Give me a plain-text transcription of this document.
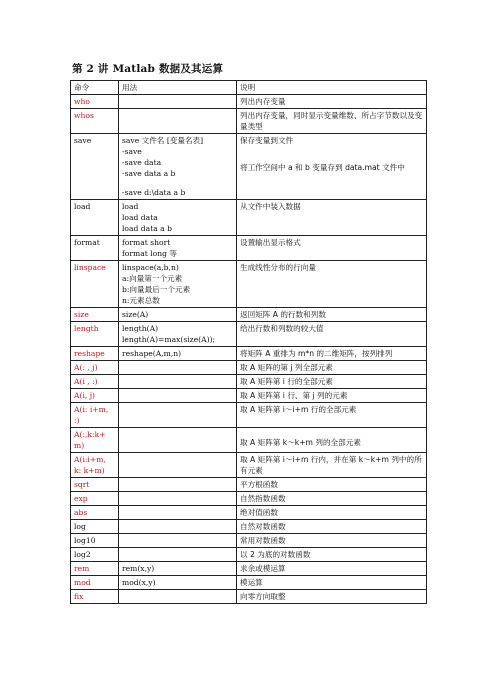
第 2 讲 Matlab 数据及其运算
命令	用法	说明
who		列出内存变量

whos		列出内存变量，同时显示变量维数、所占字节数以及变量类型

save	save 文件名 [变量名表]
-save
-save data
-save data a b
-save d:\data a b	保存变量到文件
将工作空间中 a 和 b 变量存到 data.mat 文件中

load	load
load data
load data a b	从文件中装入数据

format	format short
format long 等	设置输出显示格式

linspace	linspace(a,b,n)
a:向量第一个元素
b:向量最后一个元素
n:元素总数	生成线性分布的行向量

size	size(A)	返回矩阵 A 的行数和列数

length	length(A)
length(A)=max(size(A));	给出行数和列数的较大值

reshape	reshape(A,m,n)	将矩阵 A 重排为 m*n 的二维矩阵，按列排列

A(: , j)		取 A 矩阵的第 j 列全部元素

A(i , :)		取 A 矩阵第 i 行的全部元素

A(i, j)		取 A 矩阵第 i 行、第 j 列的元素

A(i: i+m, :)		取 A 矩阵第 i～i+m 行的全部元素

A(:,k:k+m)		取 A 矩阵第 k～k+m 列的全部元素

A(i:i+m, k: k+m)		取 A 矩阵第 i～i+m 行内，并在第 k～k+m 列中的所有元素

sqrt		平方根函数

exp		自然指数函数

abs		绝对值函数

log		自然对数函数

log10		常用对数函数

log2		以 2 为底的对数函数

rem	rem(x,y)	求余或模运算

mod	mod(x,y)	模运算

fix		向零方向取整
